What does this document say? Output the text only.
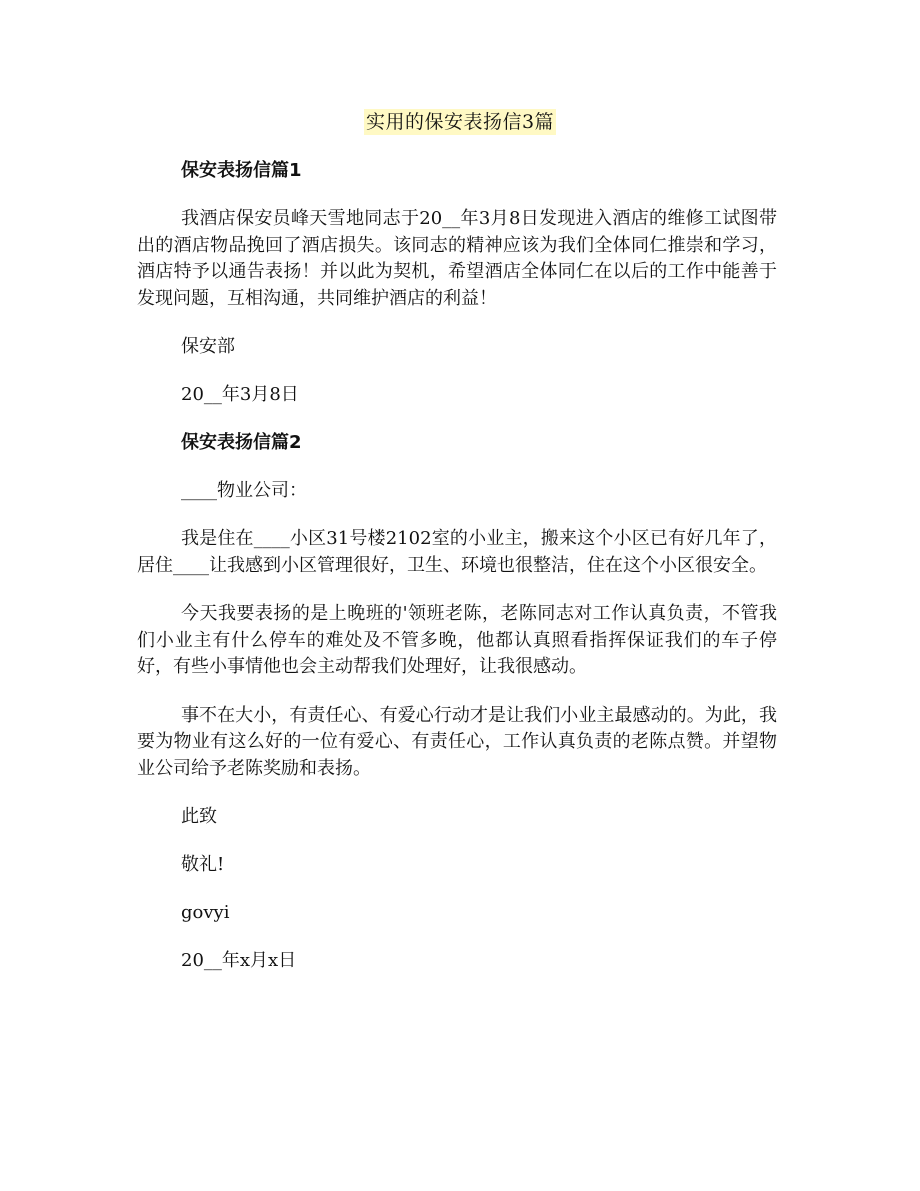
实用的保安表扬信3篇

保安表扬信篇1

我酒店保安员峰天雪地同志于20__年3月8日发现进入酒店的维修工试图带出的酒店物品挽回了酒店损失。该同志的精神应该为我们全体同仁推崇和学习，酒店特予以通告表扬！并以此为契机，希望酒店全体同仁在以后的工作中能善于发现问题，互相沟通，共同维护酒店的利益！

保安部

20__年3月8日

保安表扬信篇2

____物业公司：

我是住在____小区31号楼2102室的小业主，搬来这个小区已有好几年了，居住____让我感到小区管理很好，卫生、环境也很整洁，住在这个小区很安全。

今天我要表扬的是上晚班的'领班老陈，老陈同志对工作认真负责，不管我们小业主有什么停车的难处及不管多晚，他都认真照看指挥保证我们的车子停好，有些小事情他也会主动帮我们处理好，让我很感动。

事不在大小，有责任心、有爱心行动才是让我们小业主最感动的。为此，我要为物业有这么好的一位有爱心、有责任心，工作认真负责的老陈点赞。并望物业公司给予老陈奖励和表扬。

此致

敬礼!

govyi

20__年x月x日
